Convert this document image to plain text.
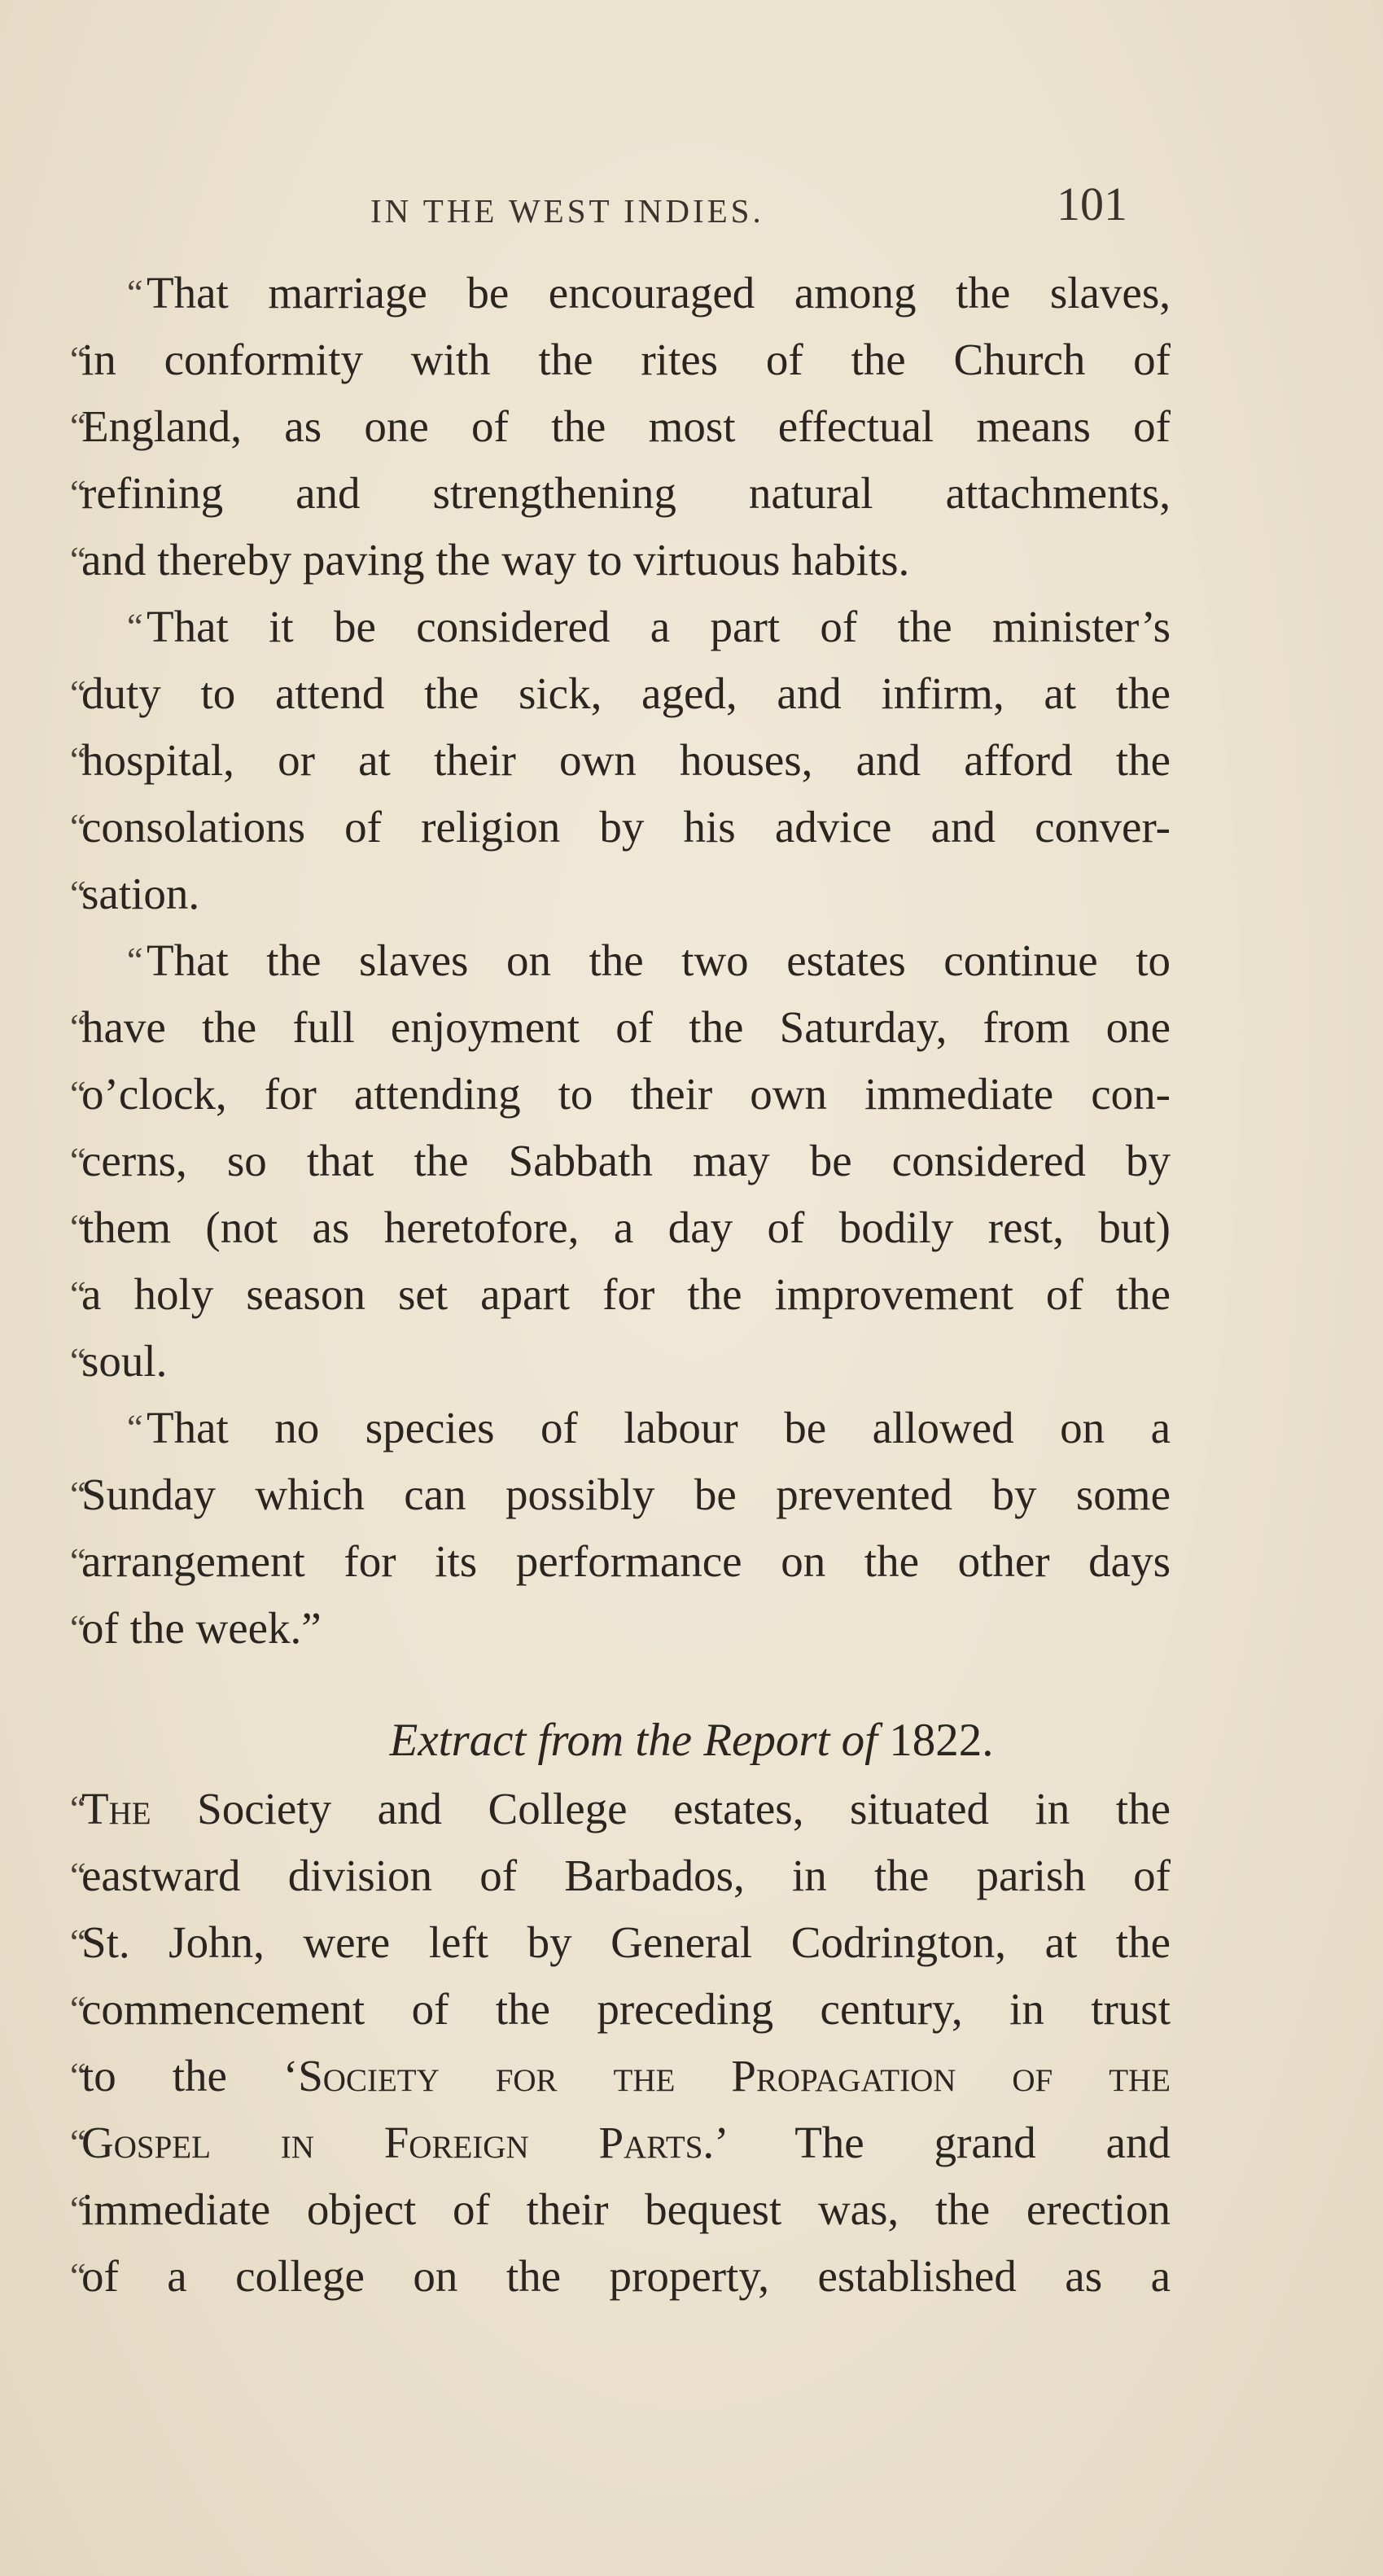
IN THE WEST INDIES.	101
“ That marriage be encouraged among the slaves,
“
in conformity with the rites of the Church of
“
England, as one of the most effectual means of
“
refining and strengthening natural attachments,
“
and thereby paving the way to virtuous habits.
“ That it be considered a part of the minister’s
“
duty to attend the sick, aged, and infirm, at the
“
hospital, or at their own houses, and afford the
“
consolations of religion by his advice and conver-
“
sation.
“ That the slaves on the two estates continue to
“
have the full enjoyment of the Saturday, from one
“
o’clock, for attending to their own immediate con-
“
cerns, so that the Sabbath may be considered by
“
them (not as heretofore, a day of bodily rest, but)
“
a holy season set apart for the improvement of the
“
soul.
“ That no species of labour be allowed on a
“
Sunday which can possibly be prevented by some
“
arrangement for its performance on the other days
“
of the week.”
Extract from the Report of 1822.
“
The Society and College estates, situated in the
“
eastward division of Barbados, in the parish of
“
St. John, were left by General Codrington, at the
“
commencement of the preceding century, in trust
“
to the ‘Society for the Propagation of the
“
Gospel in Foreign Parts.’ The grand and
“
immediate object of their bequest was, the erection
“
of a college on the property, established as a
